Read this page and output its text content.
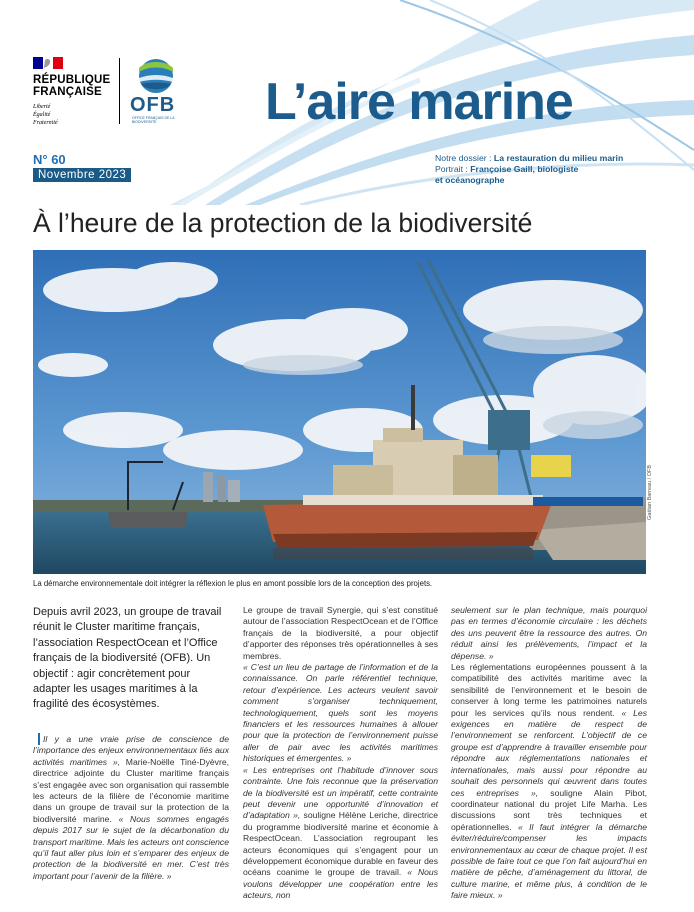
RÉPUBLIQUE
FRANÇAISE
Liberté
Égalité
Fraternité
OFB
OFFICE FRANÇAIS DE LA BIODIVERSITÉ
N° 60
Novembre 2023
L’aire marine
Notre dossier : La restauration du milieu marin
Portrait : Françoise Gaill, biologiste
et océanographe
À l’heure de la protection de la biodiversité
Gaëtan Barreau / OFB
La démarche environnementale doit intégrer la réflexion le plus en amont possible lors de la conception des projets.
Depuis avril 2023, un groupe de travail réunit le Cluster maritime français, l’association RespectOcean et l’Office français de la biodiversité (OFB). Un objectif : agir concrètement pour adapter les usages maritimes à la fragilité des écosystèmes.

Il y a une vraie prise de conscience de l’importance des enjeux environnementaux liés aux activités maritimes », Marie-Noëlle Tiné-Dyèvre, directrice adjointe du Cluster maritime français s’est engagée avec son organisation qui rassemble les acteurs de la filière de l’économie maritime dans un groupe de travail sur la protection de la biodiversité marine. « Nous sommes engagés depuis 2017 sur le sujet de la décarbonation du transport maritime. Mais les acteurs ont conscience qu’il faut aller plus loin et s’emparer des enjeux de protection de la biodiversité en mer. C’est très important pour l’avenir de la filière. »

Le groupe de travail Synergie, qui s’est constitué autour de l’association RespectOcean et de l’Office français de la biodiversité, a pour objectif d’apporter des réponses très opérationnelles à ses membres.

« C’est un lieu de partage de l’information et de la connaissance. On parle référentiel technique, retour d’expérience. Les acteurs veulent savoir comment s’organiser techniquement, technologiquement, quels sont les moyens financiers et les ressources humaines à allouer pour que la protection de l’environnement puisse aller de pair avec les activités maritimes historiques et émergentes. »

« Les entreprises ont l’habitude d’innover sous contrainte. Une fois reconnue que la préservation de la biodiversité est un impératif, cette contrainte peut devenir une opportunité d’innovation et d’adaptation », souligne Hélène Leriche, directrice du programme biodiversité marine et économie à RespectOcean. L’association regroupant les acteurs économiques qui s’engagent pour un développement économique durable en faveur des océans coanime le groupe de travail. « Nous voulons développer une coopération entre les acteurs, non

seulement sur le plan technique, mais pourquoi pas en termes d’économie circulaire : les déchets des uns peuvent être la ressource des autres. On réduit ainsi les prélèvements, l’impact et la dépense. »

Les réglementations européennes poussent à la compatibilité des activités maritime avec la sensibilité de l’environnement et le besoin de conserver à long terme les patrimoines naturels pour les services qu’ils nous rendent. « Les exigences en matière de respect de l’environnement se renforcent. L’objectif de ce groupe est d’apprendre à travailler ensemble pour répondre aux réglementations nationales et internationales, mais aussi pour répondre au souhait des personnels qui œuvrent dans toutes ces entreprises », souligne Alain Pibot, coordinateur national du projet Life Marha. Les discussions sont très techniques et opérationnelles. « Il faut intégrer la démarche éviter/réduire/compenser les impacts environnementaux au cœur de chaque projet. Il est possible de faire tout ce que l’on fait aujourd’hui en matière de pêche, d’aménagement du littoral, de culture marine, et même plus, à condition de le faire mieux. »
